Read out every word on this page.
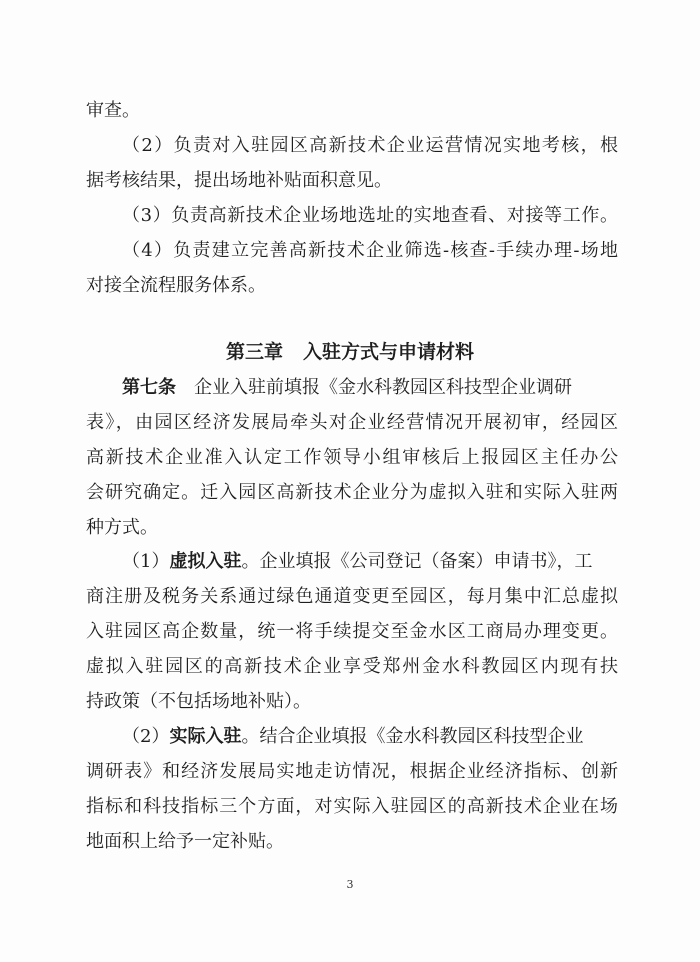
审查。
（2）负责对入驻园区高新技术企业运营情况实地考核，根
据考核结果，提出场地补贴面积意见。
（3）负责高新技术企业场地选址的实地查看、对接等工作。
（4）负责建立完善高新技术企业筛选-核查-手续办理-场地
对接全流程服务体系。
第三章 入驻方式与申请材料
第七条 企业入驻前填报《金水科教园区科技型企业调研
表》，由园区经济发展局牵头对企业经营情况开展初审，经园区
高新技术企业准入认定工作领导小组审核后上报园区主任办公
会研究确定。迁入园区高新技术企业分为虚拟入驻和实际入驻两
种方式。
（1）虚拟入驻。企业填报《公司登记（备案）申请书》，工
商注册及税务关系通过绿色通道变更至园区，每月集中汇总虚拟
入驻园区高企数量，统一将手续提交至金水区工商局办理变更。
虚拟入驻园区的高新技术企业享受郑州金水科教园区内现有扶
持政策（不包括场地补贴）。
（2）实际入驻。结合企业填报《金水科教园区科技型企业
调研表》和经济发展局实地走访情况，根据企业经济指标、创新
指标和科技指标三个方面，对实际入驻园区的高新技术企业在场
地面积上给予一定补贴。
3
